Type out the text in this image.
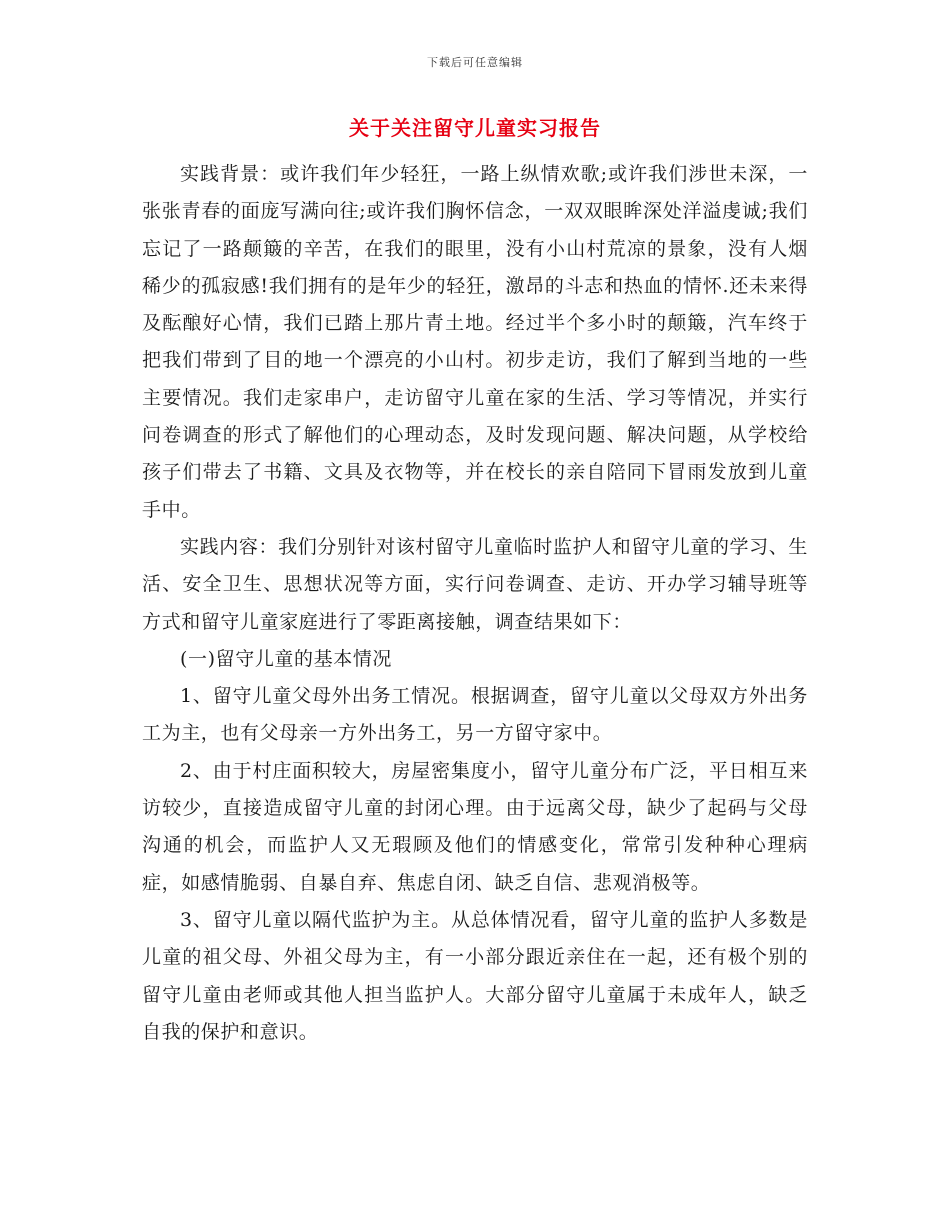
下载后可任意编辑
关于关注留守儿童实习报告

实践背景：或许我们年少轻狂，一路上纵情欢歌;或许我们涉世未深，一张张青春的面庞写满向往;或许我们胸怀信念，一双双眼眸深处洋溢虔诚;我们忘记了一路颠簸的辛苦，在我们的眼里，没有小山村荒凉的景象，没有人烟稀少的孤寂感!我们拥有的是年少的轻狂，激昂的斗志和热血的情怀.还未来得及酝酿好心情，我们已踏上那片青土地。经过半个多小时的颠簸，汽车终于把我们带到了目的地一个漂亮的小山村。初步走访，我们了解到当地的一些主要情况。我们走家串户，走访留守儿童在家的生活、学习等情况，并实行问卷调查的形式了解他们的心理动态，及时发现问题、解决问题，从学校给孩子们带去了书籍、文具及衣物等，并在校长的亲自陪同下冒雨发放到儿童手中。

实践内容：我们分别针对该村留守儿童临时监护人和留守儿童的学习、生活、安全卫生、思想状况等方面，实行问卷调查、走访、开办学习辅导班等方式和留守儿童家庭进行了零距离接触，调查结果如下：

(一)留守儿童的基本情况

1、留守儿童父母外出务工情况。根据调查，留守儿童以父母双方外出务工为主，也有父母亲一方外出务工，另一方留守家中。

2、由于村庄面积较大，房屋密集度小，留守儿童分布广泛，平日相互来访较少，直接造成留守儿童的封闭心理。由于远离父母，缺少了起码与父母沟通的机会，而监护人又无瑕顾及他们的情感变化，常常引发种种心理病症，如感情脆弱、自暴自弃、焦虑自闭、缺乏自信、悲观消极等。

3、留守儿童以隔代监护为主。从总体情况看，留守儿童的监护人多数是儿童的祖父母、外祖父母为主，有一小部分跟近亲住在一起，还有极个别的留守儿童由老师或其他人担当监护人。大部分留守儿童属于未成年人，缺乏自我的保护和意识。
